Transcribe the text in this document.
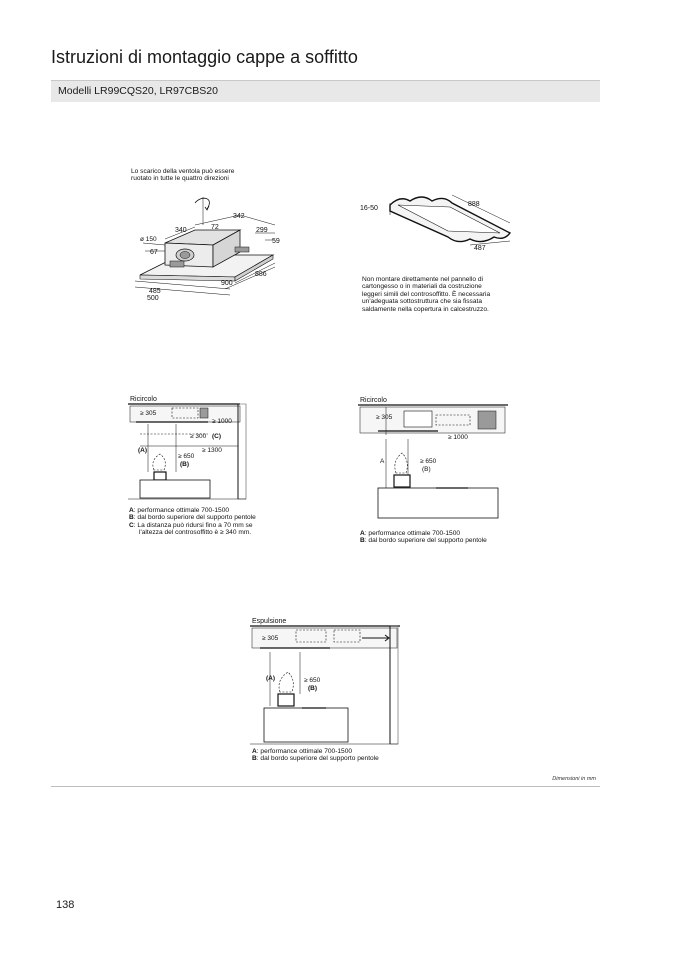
Istruzioni di montaggio cappe a soffitto
Modelli LR99CQS20, LR97CBS20
Lo scarico della ventola può essere
ruotato in tutte le quattro direzioni
342
340	72	299
59
ø 150
67
886
900
485
500
16-50
888
487
Non montare direttamente nel pannello di
cartongesso o in materiali da costruzione
leggeri simili del controsoffitto. È necessaria
un'adeguata sottostruttura che sia fissata
saldamente nella copertura in calcestruzzo.
Ricircolo
≥ 305
≥ 1000
≥ 300 (C)
≥ 1300
(A)
≥ 650
(B)
A: performance ottimale 700-1500
B: dal bordo superiore del supporto pentole
C: La distanza può ridursi fino a 70 mm se
l'altezza del controsoffitto è ≥ 340 mm.
Ricircolo
≥ 305
≥ 1000
A	≥ 650
(B)
A: performance ottimale 700-1500
B: dal bordo superiore del supporto pentole
Espulsione
≥ 305
(A)	≥ 650
(B)
A: performance ottimale 700-1500
B: dal bordo superiore del supporto pentole
Dimensioni in mm
138
